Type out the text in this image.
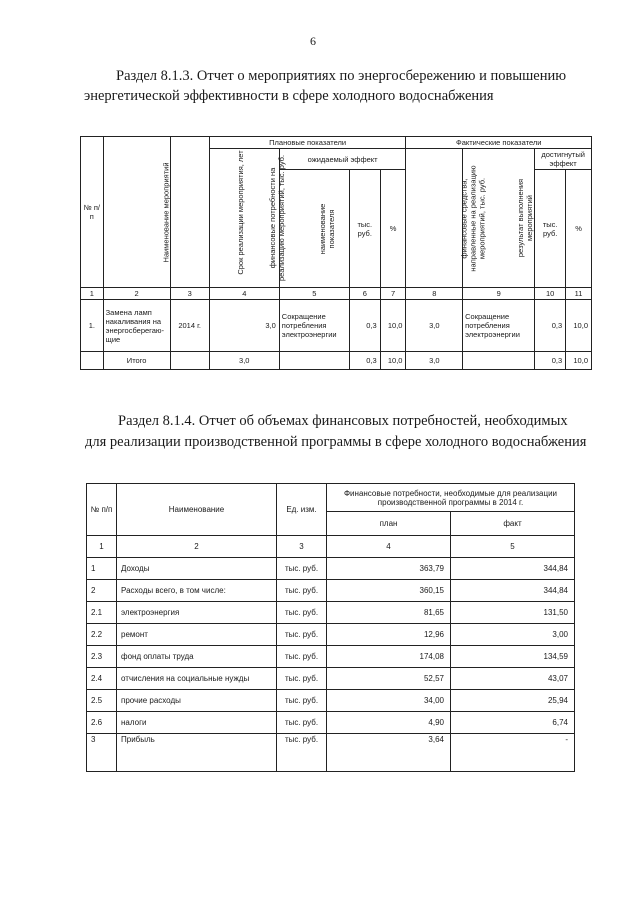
6
Раздел 8.1.3. Отчет о мероприятиях по энергосбережению и повышению
энергетической эффективности в сфере холодного водоснабжения
№ п/п	Наименование мероприятий	Срок реализации мероприятия, лет	Плановые показатели				Фактические показатели			
			финансовые потребности на реализацию мероприятий, тыс. руб.	ожидаемый эффект			финансовые средства, направленные на реализацию мероприятий, тыс. руб.	результат выполнения мероприятий	достигнутый эффект	
				наименование показателя	тыс. руб.	%			тыс. руб.	%

1	2	3	4	5	6	7	8	9	10	11
1.	Замена ламп накаливания на энергосберегаю-щие	2014 г.	3,0	Сокращение потребления электроэнергии	0,3	10,0	3,0	Сокращение потребления электроэнергии	0,3	10,0
	Итого		3,0		0,3	10,0	3,0		0,3	10,0
Раздел 8.1.4. Отчет об объемах финансовых потребностей, необходимых
для реализации производственной программы в сфере холодного водоснабжения
№ п/п	Наименование	Ед. изм.	Финансовые потребности, необходимые для реализации производственной программы в 2014 г.	
			план	факт
1	2	3	4	5
1	Доходы	тыс. руб.	363,79	344,84
2	Расходы всего, в том числе:	тыс. руб.	360,15	344,84
2.1	электроэнергия	тыс. руб.	81,65	131,50
2.2	ремонт	тыс. руб.	12,96	3,00
2.3	фонд оплаты труда	тыс. руб.	174,08	134,59
2.4	отчисления на социальные нужды	тыс. руб.	52,57	43,07
2.5	прочие расходы	тыс. руб.	34,00	25,94
2.6	налоги	тыс. руб.	4,90	6,74
3	Прибыль	тыс. руб.	3,64	-
